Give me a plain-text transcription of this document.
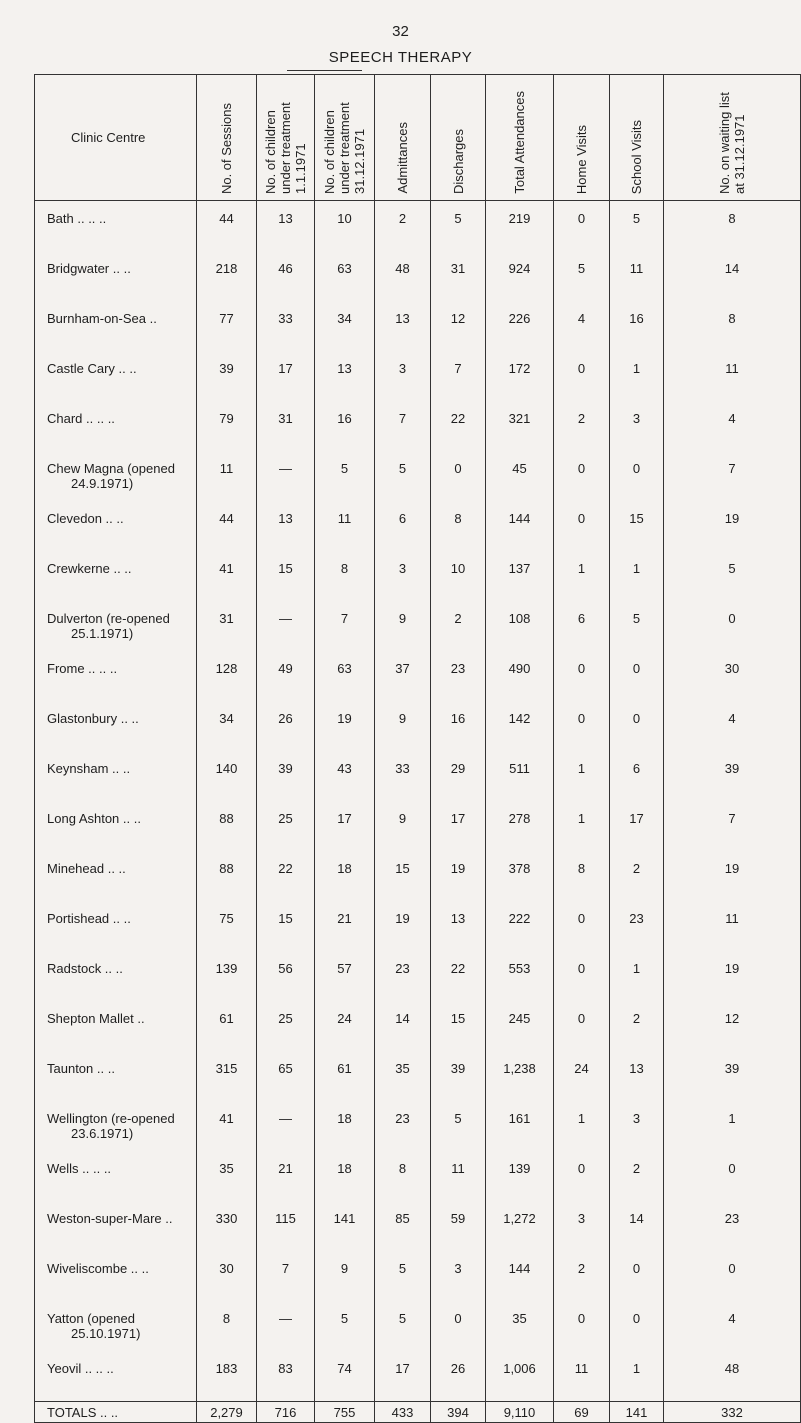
32
SPEECH THERAPY
Clinic Centre	No. of Sessions	No. of children under treatment 1.1.1971	No. of children under treatment 31.12.1971	Admittances	Discharges	Total Attendances	Home Visits	School Visits	No. on waiting list at 31.12.1971

Bath .. .. ..	44	13	10	2	5	219	0	5	8

Bridgwater .. ..	218	46	63	48	31	924	5	11	14

Burnham-on-Sea ..	77	33	34	13	12	226	4	16	8

Castle Cary .. ..	39	17	13	3	7	172	0	1	11

Chard .. .. ..	79	31	16	7	22	321	2	3	4

Chew Magna (opened
24.9.1971)	11	—	5	5	0	45	0	0	7

Clevedon .. ..	44	13	11	6	8	144	0	15	19

Crewkerne .. ..	41	15	8	3	10	137	1	1	5

Dulverton (re-opened
25.1.1971)	31	—	7	9	2	108	6	5	0

Frome .. .. ..	128	49	63	37	23	490	0	0	30

Glastonbury .. ..	34	26	19	9	16	142	0	0	4

Keynsham .. ..	140	39	43	33	29	511	1	6	39

Long Ashton .. ..	88	25	17	9	17	278	1	17	7

Minehead .. ..	88	22	18	15	19	378	8	2	19

Portishead .. ..	75	15	21	19	13	222	0	23	11

Radstock .. ..	139	56	57	23	22	553	0	1	19

Shepton Mallet ..	61	25	24	14	15	245	0	2	12

Taunton .. ..	315	65	61	35	39	1,238	24	13	39

Wellington (re-opened
23.6.1971)	41	—	18	23	5	161	1	3	1

Wells .. .. ..	35	21	18	8	11	139	0	2	0

Weston-super-Mare ..	330	115	141	85	59	1,272	3	14	23

Wiveliscombe .. ..	30	7	9	5	3	144	2	0	0

Yatton (opened
25.10.1971)	8	—	5	5	0	35	0	0	4

Yeovil .. .. ..	183	83	74	17	26	1,006	11	1	48
TOTALS .. ..	2,279	716	755	433	394	9,110	69	141	332
